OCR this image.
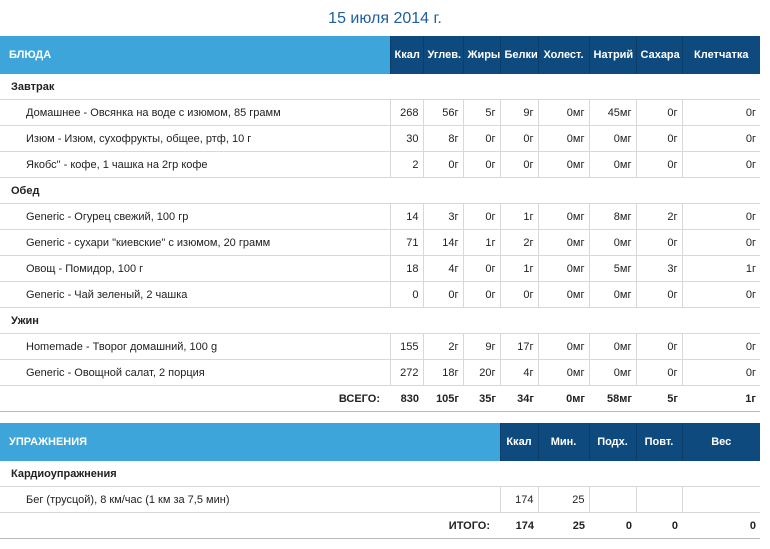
15 июля 2014 г.
БЛЮДА	Ккал	Углев.	Жиры	Белки	Холест.	Натрий	Сахара	Клетчатка
Завтрак								
Домашнее - Овсянка на воде с изюмом, 85 грамм	268	56г	5г	9г	0мг	45мг	0г	0г
Изюм - Изюм, сухофрукты, общее, ртф, 10 г	30	8г	0г	0г	0мг	0мг	0г	0г
Якобс" - кофе, 1 чашка на 2гр кофе	2	0г	0г	0г	0мг	0мг	0г	0г
Обед								
Generic - Огурец свежий, 100 гр	14	3г	0г	1г	0мг	8мг	2г	0г
Generic - сухари "киевские" с изюмом, 20 грамм	71	14г	1г	2г	0мг	0мг	0г	0г
Овощ - Помидор, 100 г	18	4г	0г	1г	0мг	5мг	3г	1г
Generic - Чай зеленый, 2 чашка	0	0г	0г	0г	0мг	0мг	0г	0г
Ужин								
Homemade - Творог домашний, 100 g	155	2г	9г	17г	0мг	0мг	0г	0г
Generic - Овощной салат, 2 порция	272	18г	20г	4г	0мг	0мг	0г	0г
ВСЕГО:	830	105г	35г	34г	0мг	58мг	5г	1г
УПРАЖНЕНИЯ		Ккал	Мин.	Подх.	Повт.	Вес
Кардиоупражнения						
Бег (трусцой), 8 км/час (1 км за 7,5 мин)		174	25			
ИТОГО:		174	25	0	0	0
